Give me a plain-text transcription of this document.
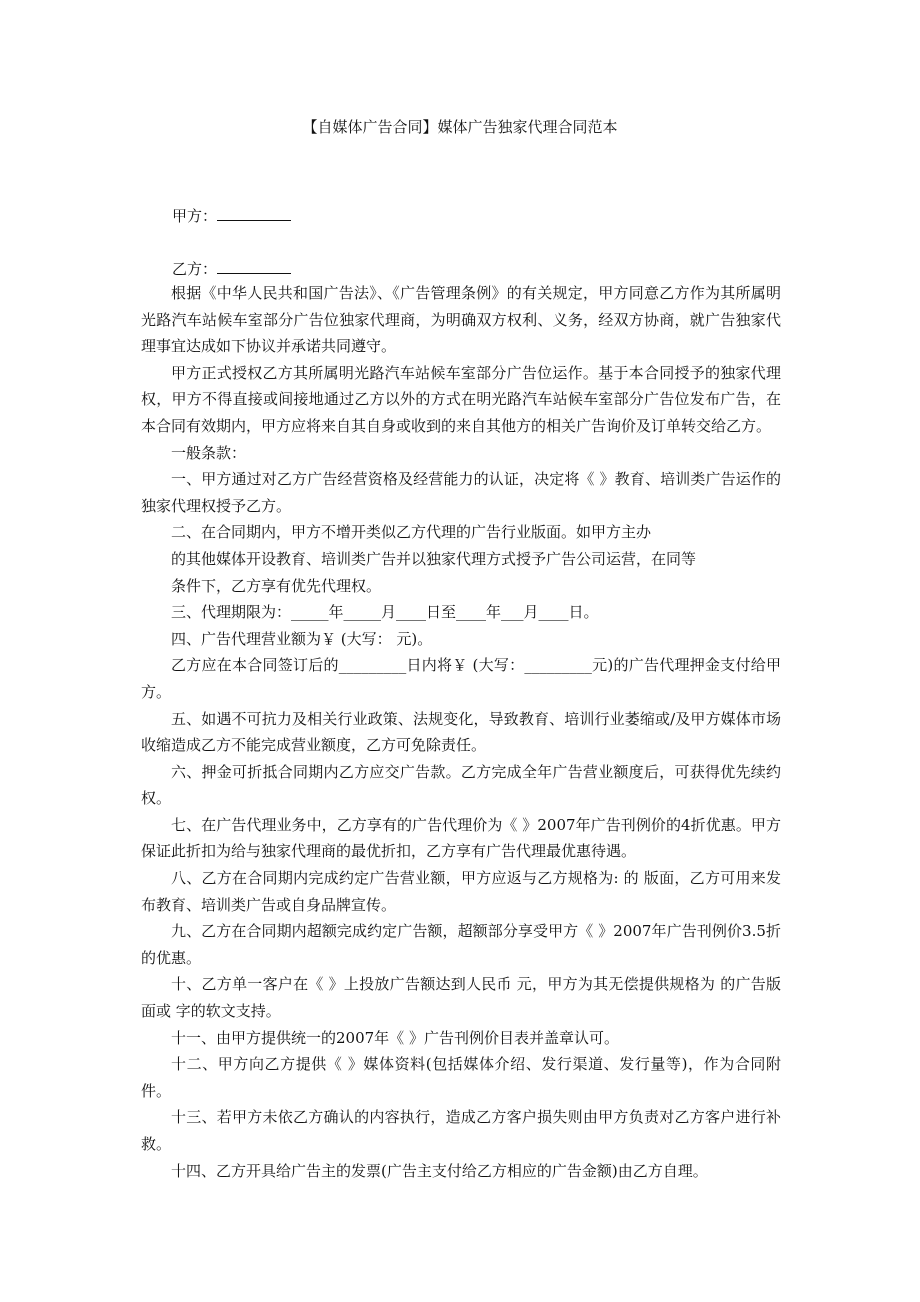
【自媒体广告合同】媒体广告独家代理合同范本
甲方：
乙方：

根据《中华人民共和国广告法》、《广告管理条例》的有关规定，甲方同意乙方作为其所属明光路汽车站候车室部分广告位独家代理商，为明确双方权利、义务，经双方协商，就广告独家代理事宜达成如下协议并承诺共同遵守。

甲方正式授权乙方其所属明光路汽车站候车室部分广告位运作。基于本合同授予的独家代理权，甲方不得直接或间接地通过乙方以外的方式在明光路汽车站候车室部分广告位发布广告，在本合同有效期内，甲方应将来自其自身或收到的来自其他方的相关广告询价及订单转交给乙方。

一般条款：

一、甲方通过对乙方广告经营资格及经营能力的认证，决定将《 》教育、培训类广告运作的独家代理权授予乙方。

二、在合同期内，甲方不增开类似乙方代理的广告行业版面。如甲方主办

的其他媒体开设教育、培训类广告并以独家代理方式授予广告公司运营，在同等

条件下，乙方享有优先代理权。

三、代理期限为：_____年_____月____日至____年___月____日。

四、广告代理营业额为￥ (大写： 元)。

乙方应在本合同签订后的_________日内将￥ (大写：_________元)的广告代理押金支付给甲方。

五、如遇不可抗力及相关行业政策、法规变化，导致教育、培训行业萎缩或/及甲方媒体市场收缩造成乙方不能完成营业额度，乙方可免除责任。

六、押金可折抵合同期内乙方应交广告款。乙方完成全年广告营业额度后，可获得优先续约权。

七、在广告代理业务中，乙方享有的广告代理价为《 》2007年广告刊例价的4折优惠。甲方保证此折扣为给与独家代理商的最优折扣，乙方享有广告代理最优惠待遇。

八、乙方在合同期内完成约定广告营业额，甲方应返与乙方规格为: 的 版面，乙方可用来发布教育、培训类广告或自身品牌宣传。

九、乙方在合同期内超额完成约定广告额，超额部分享受甲方《 》2007年广告刊例价3.5折的优惠。

十、乙方单一客户在《 》上投放广告额达到人民币 元，甲方为其无偿提供规格为 的广告版面或 字的软文支持。

十一、由甲方提供统一的2007年《 》广告刊例价目表并盖章认可。

十二、甲方向乙方提供《 》媒体资料(包括媒体介绍、发行渠道、发行量等)，作为合同附件。

十三、若甲方未依乙方确认的内容执行，造成乙方客户损失则由甲方负责对乙方客户进行补救。

十四、乙方开具给广告主的发票(广告主支付给乙方相应的广告金额)由乙方自理。
